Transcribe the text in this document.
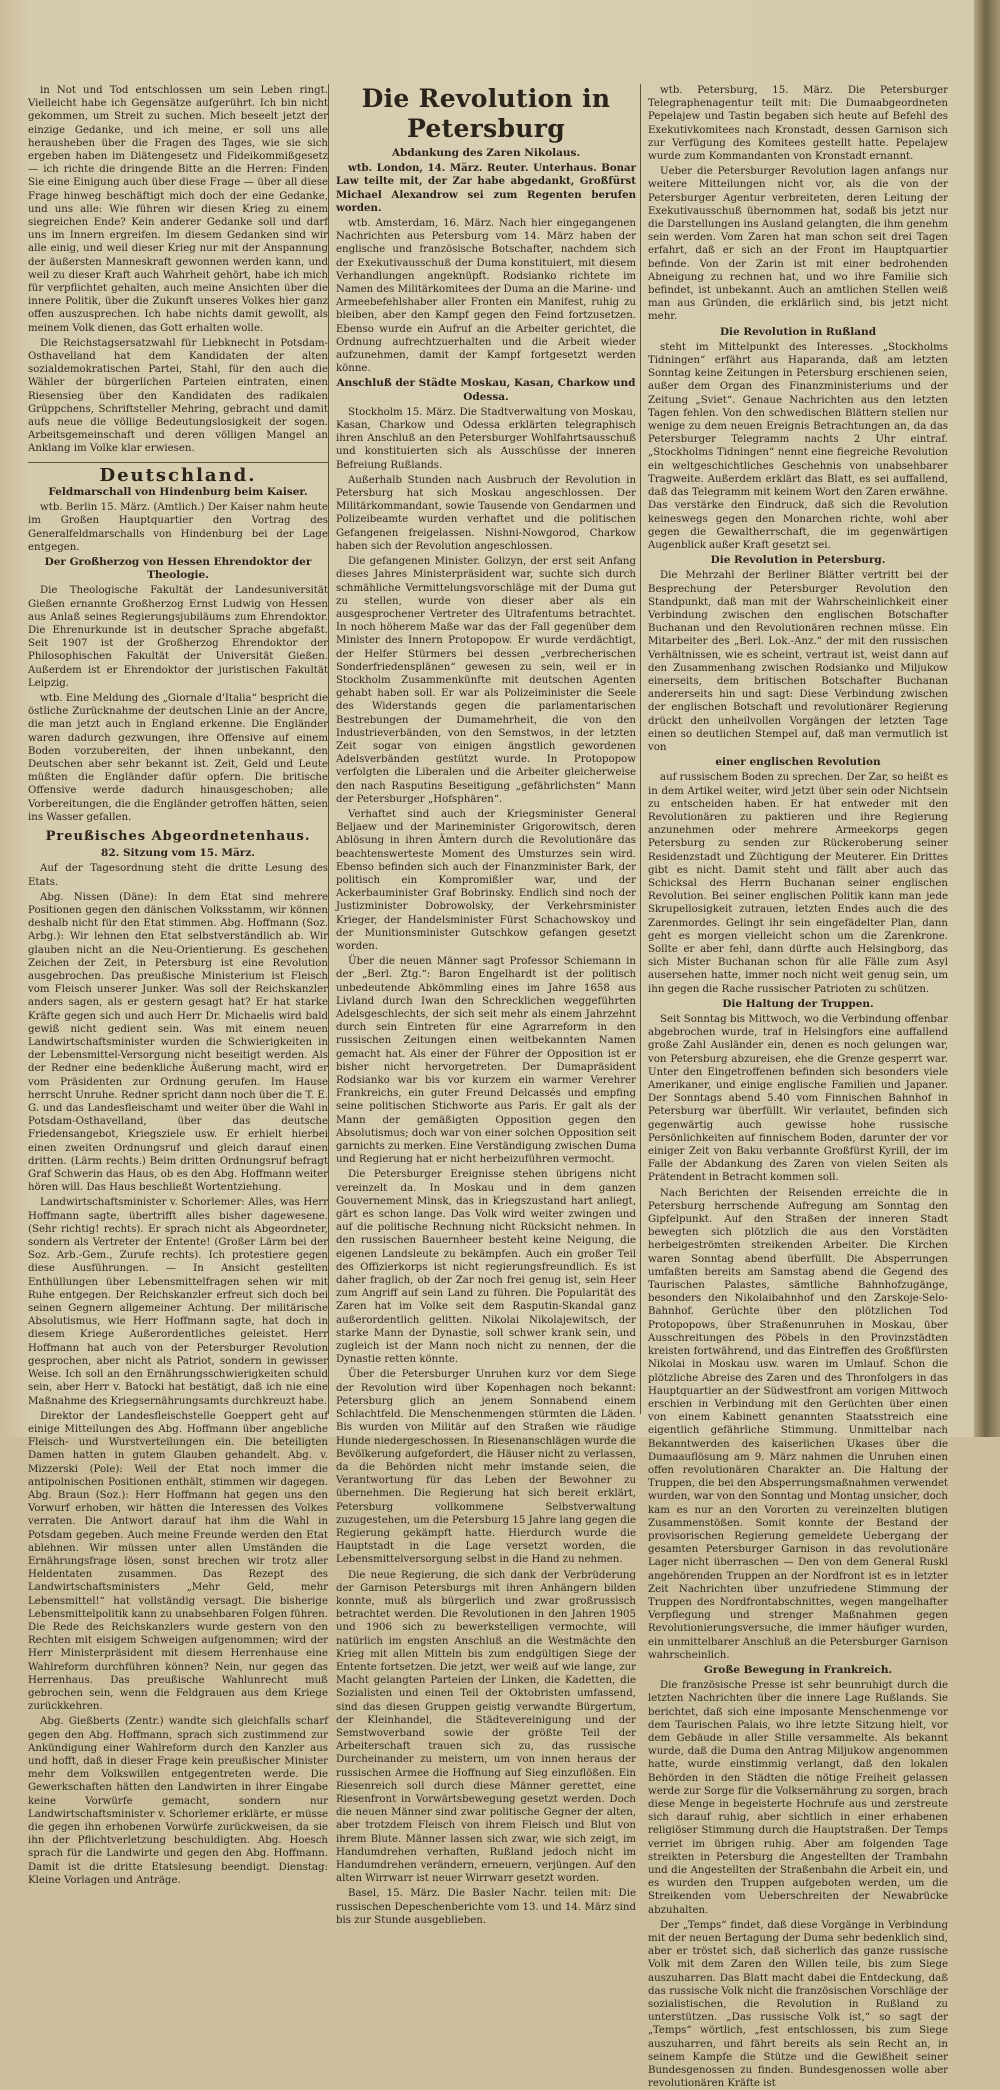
in Not und Tod entschlossen um sein Leben ringt. Vielleicht habe ich Gegensätze aufgerührt. Ich bin nicht gekommen, um Streit zu suchen. Mich beseelt jetzt der einzige Gedanke, und ich meine, er soll uns alle herausheben über die Fragen des Tages, wie sie sich ergeben haben im Diätengesetz und Fideikommißgesetz — ich richte die dringende Bitte an die Herren: Finden Sie eine Einigung auch über diese Frage — über all diese Frage hinweg beschäftigt mich doch der eine Gedanke, und uns alle: Wie führen wir diesen Krieg zu einem siegreichen Ende? Kein anderer Gedanke soll und darf uns im Innern ergreifen. Im diesem Gedanken sind wir alle einig, und weil dieser Krieg nur mit der Anspannung der äußersten Manneskraft gewonnen werden kann, und weil zu dieser Kraft auch Wahrheit gehört, habe ich mich für verpflichtet gehalten, auch meine Ansichten über die innere Politik, über die Zukunft unseres Volkes hier ganz offen auszusprechen. Ich habe nichts damit gewollt, als meinem Volk dienen, das Gott erhalten wolle.

Die Reichstagsersatzwahl für Liebknecht in Potsdam-Osthavelland hat dem Kandidaten der alten sozialdemokratischen Partei, Stahl, für den auch die Wähler der bürgerlichen Parteien eintraten, einen Riesensieg über den Kandidaten des radikalen Grüppchens, Schriftsteller Mehring, gebracht und damit aufs neue die völlige Bedeutungslosigkeit der sogen. Arbeitsgemeinschaft und deren völligen Mangel an Anklang im Volke klar erwiesen.

Deutschland.
Feldmarschall von Hindenburg beim Kaiser.

wtb. Berlin 15. März. (Amtlich.) Der Kaiser nahm heute im Großen Hauptquartier den Vortrag des Generalfeldmarschalls von Hindenburg bei der Lage entgegen.

Der Großherzog von Hessen Ehrendoktor der Theologie.

Die Theologische Fakultät der Landesuniversität Gießen ernannte Großherzog Ernst Ludwig von Hessen aus Anlaß seines Regierungsjubiläums zum Ehrendoktor. Die Ehrenurkunde ist in deutscher Sprache abgefaßt. Seit 1907 ist der Großherzog Ehrendoktor der Philosophischen Fakultät der Universität Gießen. Außerdem ist er Ehrendoktor der juristischen Fakultät Leipzig.

wtb. Eine Meldung des „Giornale d'Italia“ bespricht die östliche Zurücknahme der deutschen Linie an der Ancre, die man jetzt auch in England erkenne. Die Engländer waren dadurch gezwungen, ihre Offensive auf einem Boden vorzubereiten, der ihnen unbekannt, den Deutschen aber sehr bekannt ist. Zeit, Geld und Leute müßten die Engländer dafür opfern. Die britische Offensive werde dadurch hinausgeschoben; alle Vorbereitungen, die die Engländer getroffen hätten, seien ins Wasser gefallen.

Preußisches Abgeordnetenhaus.
82. Sitzung vom 15. März.

Auf der Tagesordnung steht die dritte Lesung des Etats.

Abg. Nissen (Däne): In dem Etat sind mehrere Positionen gegen den dänischen Volksstamm, wir können deshalb nicht für den Etat stimmen. Abg. Hoffmann (Soz. Arbg.): Wir lehnen den Etat selbstverständlich ab. Wir glauben nicht an die Neu-Orientierung. Es geschehen Zeichen der Zeit, in Petersburg ist eine Revolution ausgebrochen. Das preußische Ministerium ist Fleisch vom Fleisch unserer Junker. Was soll der Reichskanzler anders sagen, als er gestern gesagt hat? Er hat starke Kräfte gegen sich und auch Herr Dr. Michaelis wird bald gewiß nicht gedient sein. Was mit einem neuen Landwirtschaftsminister wurden die Schwierigkeiten in der Lebensmittel-Versorgung nicht beseitigt werden. Als der Redner eine bedenkliche Äußerung macht, wird er vom Präsidenten zur Ordnung gerufen. Im Hause herrscht Unruhe. Redner spricht dann noch über die T. E. G. und das Landesfleischamt und weiter über die Wahl in Potsdam-Osthavelland, über das deutsche Friedensangebot, Kriegsziele usw. Er erhielt hierbei einen zweiten Ordnungsruf und gleich darauf einen dritten. (Lärm rechts.) Beim dritten Ordnungsruf befragt Graf Schwerin das Haus, ob es den Abg. Hoffmann weiter hören will. Das Haus beschließt Wortentziehung.

Landwirtschaftsminister v. Schorlemer: Alles, was Herr Hoffmann sagte, übertrifft alles bisher dagewesene. (Sehr richtig! rechts). Er sprach nicht als Abgeordneter, sondern als Vertreter der Entente! (Großer Lärm bei der Soz. Arb.-Gem., Zurufe rechts). Ich protestiere gegen diese Ausführungen. — In Ansicht gestellten Enthüllungen über Lebensmittelfragen sehen wir mit Ruhe entgegen. Der Reichskanzler erfreut sich doch bei seinen Gegnern allgemeiner Achtung. Der militärische Absolutismus, wie Herr Hoffmann sagte, hat doch in diesem Kriege Außerordentliches geleistet. Herr Hoffmann hat auch von der Petersburger Revolution gesprochen, aber nicht als Patriot, sondern in gewisser Weise. Ich soll an den Ernährungsschwierigkeiten schuld sein, aber Herr v. Batocki hat bestätigt, daß ich nie eine Maßnahme des Kriegsernährungsamts durchkreuzt habe.

Direktor der Landesfleischstelle Goeppert geht auf einige Mitteilungen des Abg. Hoffmann über angebliche Fleisch- und Wurstverteilungen ein. Die beteiligten Damen hatten in gutem Glauben gehandelt. Abg. v. Mizzerski (Pole): Weil der Etat noch immer die antipolnischen Positionen enthält, stimmen wir dagegen. Abg. Braun (Soz.): Herr Hoffmann hat gegen uns den Vorwurf erhoben, wir hätten die Interessen des Volkes verraten. Die Antwort darauf hat ihm die Wahl in Potsdam gegeben. Auch meine Freunde werden den Etat ablehnen. Wir müssen unter allen Umständen die Ernährungsfrage lösen, sonst brechen wir trotz aller Heldentaten zusammen. Das Rezept des Landwirtschaftsministers „Mehr Geld, mehr Lebensmittel!“ hat vollständig versagt. Die bisherige Lebensmittelpolitik kann zu unabsehbaren Folgen führen. Die Rede des Reichskanzlers wurde gestern von den Rechten mit eisigem Schweigen aufgenommen; wird der Herr Ministerpräsident mit diesem Herrenhause eine Wahlreform durchführen können? Nein, nur gegen das Herrenhaus. Das preußische Wahlunrecht muß gebrochen sein, wenn die Feldgrauen aus dem Kriege zurückkehren.

Abg. Gießberts (Zentr.) wandte sich gleichfalls scharf gegen den Abg. Hoffmann, sprach sich zustimmend zur Ankündigung einer Wahlreform durch den Kanzler aus und hofft, daß in dieser Frage kein preußischer Minister mehr dem Volkswillen entgegentreten werde. Die Gewerkschaften hätten den Landwirten in ihrer Eingabe keine Vorwürfe gemacht, sondern nur Landwirtschaftsminister v. Schorlemer erklärte, er müsse die gegen ihn erhobenen Vorwürfe zurückweisen, da sie ihn der Pflichtverletzung beschuldigten. Abg. Hoesch sprach für die Landwirte und gegen den Abg. Hoffmann. Damit ist die dritte Etatslesung beendigt. Dienstag: Kleine Vorlagen und Anträge.

Die Revolution in Petersburg
Abdankung des Zaren Nikolaus.

wtb. London, 14. März. Reuter. Unterhaus. Bonar Law teilte mit, der Zar habe abgedankt, Großfürst Michael Alexandrow sei zum Regenten berufen worden.

wtb. Amsterdam, 16. März. Nach hier eingegangenen Nachrichten aus Petersburg vom 14. März haben der englische und französische Botschafter, nachdem sich der Exekutivausschuß der Duma konstituiert, mit diesem Verhandlungen angeknüpft. Rodsianko richtete im Namen des Militärkomitees der Duma an die Marine- und Armeebefehlshaber aller Fronten ein Manifest, ruhig zu bleiben, aber den Kampf gegen den Feind fortzusetzen. Ebenso wurde ein Aufruf an die Arbeiter gerichtet, die Ordnung aufrechtzuerhalten und die Arbeit wieder aufzunehmen, damit der Kampf fortgesetzt werden könne.

Anschluß der Städte Moskau, Kasan, Charkow und Odessa.

Stockholm 15. März. Die Stadtverwaltung von Moskau, Kasan, Charkow und Odessa erklärten telegraphisch ihren Anschluß an den Petersburger Wohlfahrtsausschuß und konstituierten sich als Ausschüsse der inneren Befreiung Rußlands.

Außerhalb Stunden nach Ausbruch der Revolution in Petersburg hat sich Moskau angeschlossen. Der Militärkommandant, sowie Tausende von Gendarmen und Polizeibeamte wurden verhaftet und die politischen Gefangenen freigelassen. Nishni-Nowgorod, Charkow haben sich der Revolution angeschlossen.

Die gefangenen Minister. Golizyn, der erst seit Anfang dieses Jahres Ministerpräsident war, suchte sich durch schmähliche Vermittelungsvorschläge mit der Duma gut zu stellen, wurde von dieser aber als ein ausgesprochener Vertreter des Ultrafentums betrachtet. In noch höherem Maße war das der Fall gegenüber dem Minister des Innern Protopopow. Er wurde verdächtigt, der Helfer Stürmers bei dessen „verbrecherischen Sonderfriedensplänen“ gewesen zu sein, weil er in Stockholm Zusammenkünfte mit deutschen Agenten gehabt haben soll. Er war als Polizeiminister die Seele des Widerstands gegen die parlamentarischen Bestrebungen der Dumamehrheit, die von den Industrieverbänden, von den Semstwos, in der letzten Zeit sogar von einigen ängstlich gewordenen Adelsverbänden gestützt wurde. In Protopopow verfolgten die Liberalen und die Arbeiter gleicherweise den nach Rasputins Beseitigung „gefährlichsten“ Mann der Petersburger „Hofsphären“.

Verhaftet sind auch der Kriegsminister General Beljaew und der Marineminister Grigorowitsch, deren Ablösung in ihren Ämtern durch die Revolutionäre das beachtenswerteste Moment des Umsturzes sein wird. Ebenso befinden sich auch der Finanzminister Bark, der politisch ein Kompromißler war, und der Ackerbauminister Graf Bobrinsky. Endlich sind noch der Justizminister Dobrowolsky, der Verkehrsminister Krieger, der Handelsminister Fürst Schachowskoy und der Munitionsminister Gutschkow gefangen gesetzt worden.

Über die neuen Männer sagt Professor Schiemann in der „Berl. Ztg.“: Baron Engelhardt ist der politisch unbedeutende Abkömmling eines im Jahre 1658 aus Livland durch Iwan den Schrecklichen weggeführten Adelsgeschlechts, der sich seit mehr als einem Jahrzehnt durch sein Eintreten für eine Agrarreform in den russischen Zeitungen einen weitbekannten Namen gemacht hat. Als einer der Führer der Opposition ist er bisher nicht hervorgetreten. Der Dumapräsident Rodsianko war bis vor kurzem ein warmer Verehrer Frankreichs, ein guter Freund Delcassés und empfing seine politischen Stichworte aus Paris. Er galt als der Mann der gemäßigten Opposition gegen den Absolutismus; doch war von einer solchen Opposition seit garnichts zu merken. Eine Verständigung zwischen Duma und Regierung hat er nicht herbeizuführen vermocht.

Die Petersburger Ereignisse stehen übrigens nicht vereinzelt da. In Moskau und in dem ganzen Gouvernement Minsk, das in Kriegszustand hart anliegt, gärt es schon lange. Das Volk wird weiter zwingen und auf die politische Rechnung nicht Rücksicht nehmen. In den russischen Bauernheer besteht keine Neigung, die eigenen Landsleute zu bekämpfen. Auch ein großer Teil des Offizierkorps ist nicht regierungsfreundlich. Es ist daher fraglich, ob der Zar noch frei genug ist, sein Heer zum Angriff auf sein Land zu führen. Die Popularität des Zaren hat im Volke seit dem Rasputin-Skandal ganz außerordentlich gelitten. Nikolai Nikolajewitsch, der starke Mann der Dynastie, soll schwer krank sein, und zugleich ist der Mann noch nicht zu nennen, der die Dynastie retten könnte.

Über die Petersburger Unruhen kurz vor dem Siege der Revolution wird über Kopenhagen noch bekannt: Petersburg glich an jenem Sonnabend einem Schlachtfeld. Die Menschenmengen stürmten die Läden. Bis wurden von Militär auf den Straßen wie räudige Hunde niedergeschossen. In Riesenanschlägen wurde die Bevölkerung aufgefordert, die Häuser nicht zu verlassen, da die Behörden nicht mehr imstande seien, die Verantwortung für das Leben der Bewohner zu übernehmen. Die Regierung hat sich bereit erklärt, Petersburg vollkommene Selbstverwaltung zuzugestehen, um die Petersburg 15 Jahre lang gegen die Regierung gekämpft hatte. Hierdurch wurde die Hauptstadt in die Lage versetzt worden, die Lebensmittelversorgung selbst in die Hand zu nehmen.

Die neue Regierung, die sich dank der Verbrüderung der Garnison Petersburgs mit ihren Anhängern bilden konnte, muß als bürgerlich und zwar großrussisch betrachtet werden. Die Revolutionen in den Jahren 1905 und 1906 sich zu bewerkstelligen vermochte, will natürlich im engsten Anschluß an die Westmächte den Krieg mit allen Mitteln bis zum endgültigen Siege der Entente fortsetzen. Die jetzt, wer weiß auf wie lange, zur Macht gelangten Parteien der Linken, die Kadetten, die Sozialisten und einen Teil der Oktobristen umfassend, sind das diesen Gruppen geistig verwandte Bürgertum, der Kleinhandel, die Städtevereinigung und der Semstwoverband sowie der größte Teil der Arbeiterschaft trauen sich zu, das russische Durcheinander zu meistern, um von innen heraus der russischen Armee die Hoffnung auf Sieg einzuflößen. Ein Riesenreich soll durch diese Männer gerettet, eine Riesenfront in Vorwärtsbewegung gesetzt werden. Doch die neuen Männer sind zwar politische Gegner der alten, aber trotzdem Fleisch von ihrem Fleisch und Blut von ihrem Blute. Männer lassen sich zwar, wie sich zeigt, im Handumdrehen verhaften, Rußland jedoch nicht im Handumdrehen verändern, erneuern, verjüngen. Auf den alten Wirrwarr ist neuer Wirrwarr gesetzt worden.

Basel, 15. März. Die Basler Nachr. teilen mit: Die russischen Depeschenberichte vom 13. und 14. März sind bis zur Stunde ausgeblieben.

wtb. Petersburg, 15. März. Die Petersburger Telegraphenagentur teilt mit: Die Dumaabgeordneten Pepelajew und Tastin begaben sich heute auf Befehl des Exekutivkomitees nach Kronstadt, dessen Garnison sich zur Verfügung des Komitees gestellt hatte. Pepelajew wurde zum Kommandanten von Kronstadt ernannt.

Ueber die Petersburger Revolution lagen anfangs nur weitere Mitteilungen nicht vor, als die von der Petersburger Agentur verbreiteten, deren Leitung der Exekutivausschuß übernommen hat, sodaß bis jetzt nur die Darstellungen ins Ausland gelangten, die ihm genehm sein werden. Vom Zaren hat man schon seit drei Tagen erfahrt, daß er sich an der Front im Hauptquartier befinde. Von der Zarin ist mit einer bedrohenden Abneigung zu rechnen hat, und wo ihre Familie sich befindet, ist unbekannt. Auch an amtlichen Stellen weiß man aus Gründen, die erklärlich sind, bis jetzt nicht mehr.

Die Revolution in Rußland

steht im Mittelpunkt des Interesses. „Stockholms Tidningen“ erfährt aus Haparanda, daß am letzten Sonntag keine Zeitungen in Petersburg erschienen seien, außer dem Organ des Finanzministeriums und der Zeitung „Sviet“. Genaue Nachrichten aus den letzten Tagen fehlen. Von den schwedischen Blättern stellen nur wenige zu dem neuen Ereignis Betrachtungen an, da das Petersburger Telegramm nachts 2 Uhr eintraf. „Stockholms Tidningen“ nennt eine fiegreiche Revolution ein weltgeschichtliches Geschehnis von unabsehbarer Tragweite. Außerdem erklärt das Blatt, es sei auffallend, daß das Telegramm mit keinem Wort den Zaren erwähne. Das verstärke den Eindruck, daß sich die Revolution keineswegs gegen den Monarchen richte, wohl aber gegen die Gewaltherrschaft, die im gegenwärtigen Augenblick außer Kraft gesetzt sei.

Die Revolution in Petersburg.

Die Mehrzahl der Berliner Blätter vertritt bei der Besprechung der Petersburger Revolution den Standpunkt, daß man mit der Wahrscheinlichkeit einer Verbindung zwischen den englischen Botschafter Buchanan und den Revolutionären rechnen müsse. Ein Mitarbeiter des „Berl. Lok.-Anz.“ der mit den russischen Verhältnissen, wie es scheint, vertraut ist, weist dann auf den Zusammenhang zwischen Rodsianko und Miljukow einerseits, dem britischen Botschafter Buchanan andererseits hin und sagt: Diese Verbindung zwischen der englischen Botschaft und revolutionärer Regierung drückt den unheilvollen Vorgängen der letzten Tage einen so deutlichen Stempel auf, daß man vermutlich ist von

einer englischen Revolution

auf russischem Boden zu sprechen. Der Zar, so heißt es in dem Artikel weiter, wird jetzt über sein oder Nichtsein zu entscheiden haben. Er hat entweder mit den Revolutionären zu paktieren und ihre Regierung anzunehmen oder mehrere Armeekorps gegen Petersburg zu senden zur Rückeroberung seiner Residenzstadt und Züchtigung der Meuterer. Ein Drittes gibt es nicht. Damit steht und fällt aber auch das Schicksal des Herrn Buchanan seiner englischen Revolution. Bei seiner englischen Politik kann man jede Skrupellosigkeit zutrauen, letzten Endes auch die des Zarenmordes. Gelingt ihr sein eingefädelter Plan, dann geht es morgen vielleicht schon um die Zarenkrone. Sollte er aber fehl, dann dürfte auch Helsingborg, das sich Mister Buchanan schon für alle Fälle zum Asyl ausersehen hatte, immer noch nicht weit genug sein, um ihn gegen die Rache russischer Patrioten zu schützen.

Die Haltung der Truppen.

Seit Sonntag bis Mittwoch, wo die Verbindung offenbar abgebrochen wurde, traf in Helsingfors eine auffallend große Zahl Ausländer ein, denen es noch gelungen war, von Petersburg abzureisen, ehe die Grenze gesperrt war. Unter den Eingetroffenen befinden sich besonders viele Amerikaner, und einige englische Familien und Japaner. Der Sonntags abend 5.40 vom Finnischen Bahnhof in Petersburg war überfüllt. Wir verlautet, befinden sich gegenwärtig auch gewisse hohe russische Persönlichkeiten auf finnischem Boden, darunter der vor einiger Zeit von Baku verbannte Großfürst Kyrill, der im Falle der Abdankung des Zaren von vielen Seiten als Prätendent in Betracht kommen soll.

Nach Berichten der Reisenden erreichte die in Petersburg herrschende Aufregung am Sonntag den Gipfelpunkt. Auf den Straßen der inneren Stadt bewegten sich plötzlich die aus den Vorstädten herbeigeströmten streikenden Arbeiter. Die Kirchen waren Sonntag abend überfüllt. Die Absperrungen umfaßten bereits am Samstag abend die Gegend des Taurischen Palastes, sämtliche Bahnhofzugänge, besonders den Nikolaibahnhof und den Zarskoje-Selo-Bahnhof. Gerüchte über den plötzlichen Tod Protopopows, über Straßenunruhen in Moskau, über Ausschreitungen des Pöbels in den Provinzstädten kreisten fortwährend, und das Eintreffen des Großfürsten Nikolai in Moskau usw. waren im Umlauf. Schon die plötzliche Abreise des Zaren und des Thronfolgers in das Hauptquartier an der Südwestfront am vorigen Mittwoch erschien in Verbindung mit den Gerüchten über einen von einem Kabinett genannten Staatsstreich eine eigentlich gefährliche Stimmung. Unmittelbar nach Bekanntwerden des kaiserlichen Ukases über die Dumaauflösung am 9. März nahmen die Unruhen einen offen revolutionären Charakter an. Die Haltung der Truppen, die bei den Absperrungsmaßnahmen verwendet wurden, war von den Sonntag und Montag unsicher, doch kam es nur an den Vororten zu vereinzelten blutigen Zusammenstößen. Somit konnte der Bestand der provisorischen Regierung gemeldete Uebergang der gesamten Petersburger Garnison in das revolutionäre Lager nicht überraschen — Den von dem General Ruskl angehörenden Truppen an der Nordfront ist es in letzter Zeit Nachrichten über unzufriedene Stimmung der Truppen des Nordfrontabschnittes, wegen mangelhafter Verpflegung und strenger Maßnahmen gegen Revolutionierungsversuche, die immer häufiger wurden, ein unmittelbarer Anschluß an die Petersburger Garnison wahrscheinlich.

Große Bewegung in Frankreich.

Die französische Presse ist sehr beunruhigt durch die letzten Nachrichten über die innere Lage Rußlands. Sie berichtet, daß sich eine imposante Menschenmenge vor dem Taurischen Palais, wo ihre letzte Sitzung hielt, vor dem Gebäude in aller Stille versammelte. Als bekannt wurde, daß die Duma den Antrag Miljukow angenommen hatte, wurde einstimmig verlangt, daß den lokalen Behörden in den Städten die nötige Freiheit gelassen werde zur Sorge für die Volksernährung zu sorgen, brach diese Menge in begeisterte Hochrufe aus und zerstreute sich darauf ruhig, aber sichtlich in einer erhabenen religiöser Stimmung durch die Hauptstraßen. Der Temps verriet im übrigen ruhig. Aber am folgenden Tage streikten in Petersburg die Angestellten der Trambahn und die Angestellten der Straßenbahn die Arbeit ein, und es wurden den Truppen aufgeboten werden, um die Streikenden vom Ueberschreiten der Newabrücke abzuhalten.

Der „Temps“ findet, daß diese Vorgänge in Verbindung mit der neuen Bertagung der Duma sehr bedenklich sind, aber er tröstet sich, daß sicherlich das ganze russische Volk mit dem Zaren den Willen teile, bis zum Siege auszuharren. Das Blatt macht dabei die Entdeckung, daß das russische Volk nicht die französischen Vorschläge der sozialistischen, die Revolution in Rußland zu unterstützen. „Das russische Volk ist,“ so sagt der „Temps“ wörtlich, „fest entschlossen, bis zum Siege auszuharren, und fährt bereits als sein Recht an, in seinem Kampfe die Stütze und die Gewißheit seiner Bundesgenossen zu finden. Bundesgenossen wolle aber revolutionären Kräfte ist
